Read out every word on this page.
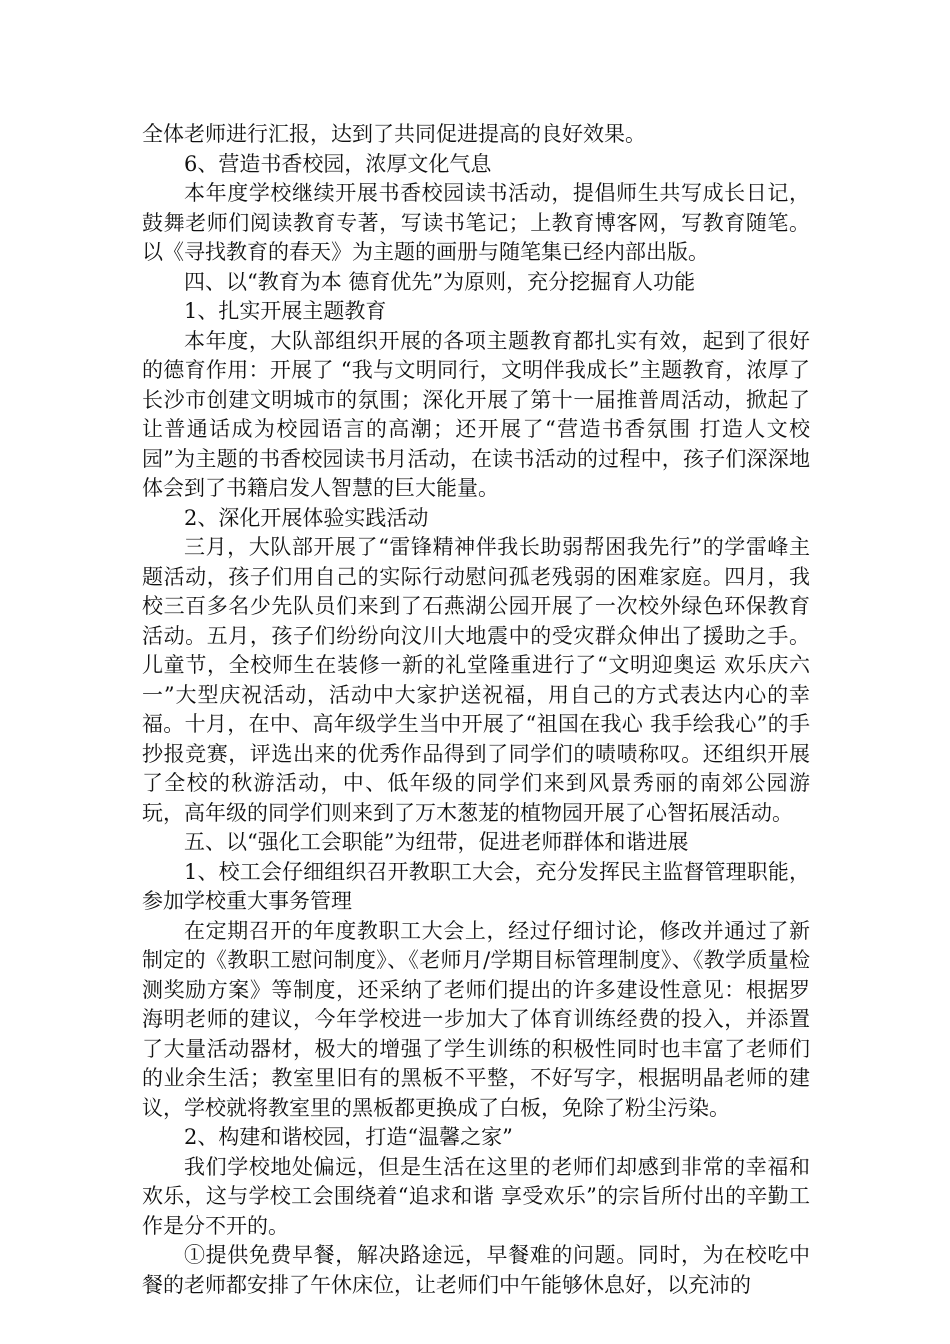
全体老师进行汇报，达到了共同促进提高的良好效果。

6、营造书香校园，浓厚文化气息

本年度学校继续开展书香校园读书活动，提倡师生共写成长日记，鼓舞老师们阅读教育专著，写读书笔记；上教育博客网，写教育随笔。以《寻找教育的春天》为主题的画册与随笔集已经内部出版。

四、以“教育为本 德育优先”为原则，充分挖掘育人功能

1、扎实开展主题教育

本年度，大队部组织开展的各项主题教育都扎实有效，起到了很好的德育作用：开展了 “我与文明同行，文明伴我成长”主题教育，浓厚了长沙市创建文明城市的氛围；深化开展了第十一届推普周活动，掀起了让普通话成为校园语言的高潮；还开展了“营造书香氛围 打造人文校园”为主题的书香校园读书月活动，在读书活动的过程中，孩子们深深地体会到了书籍启发人智慧的巨大能量。

2、深化开展体验实践活动

三月，大队部开展了“雷锋精神伴我长助弱帮困我先行”的学雷峰主题活动，孩子们用自己的实际行动慰问孤老残弱的困难家庭。四月，我校三百多名少先队员们来到了石燕湖公园开展了一次校外绿色环保教育活动。五月，孩子们纷纷向汶川大地震中的受灾群众伸出了援助之手。儿童节，全校师生在装修一新的礼堂隆重进行了“文明迎奥运 欢乐庆六一”大型庆祝活动，活动中大家护送祝福，用自己的方式表达内心的幸福。十月，在中、高年级学生当中开展了“祖国在我心 我手绘我心”的手抄报竞赛，评选出来的优秀作品得到了同学们的啧啧称叹。还组织开展了全校的秋游活动，中、低年级的同学们来到风景秀丽的南郊公园游玩，高年级的同学们则来到了万木葱茏的植物园开展了心智拓展活动。

五、以“强化工会职能”为纽带，促进老师群体和谐进展

1、校工会仔细组织召开教职工大会，充分发挥民主监督管理职能，参加学校重大事务管理

在定期召开的年度教职工大会上，经过仔细讨论，修改并通过了新制定的《教职工慰问制度》、《老师月/学期目标管理制度》、《教学质量检测奖励方案》等制度，还采纳了老师们提出的许多建设性意见：根据罗海明老师的建议，今年学校进一步加大了体育训练经费的投入，并添置了大量活动器材，极大的增强了学生训练的积极性同时也丰富了老师们的业余生活；教室里旧有的黑板不平整，不好写字，根据明晶老师的建议，学校就将教室里的黑板都更换成了白板，免除了粉尘污染。

2、构建和谐校园，打造“温馨之家”

我们学校地处偏远，但是生活在这里的老师们却感到非常的幸福和欢乐，这与学校工会围绕着“追求和谐 享受欢乐”的宗旨所付出的辛勤工作是分不开的。

①提供免费早餐，解决路途远，早餐难的问题。同时，为在校吃中餐的老师都安排了午休床位，让老师们中午能够休息好，以充沛的
